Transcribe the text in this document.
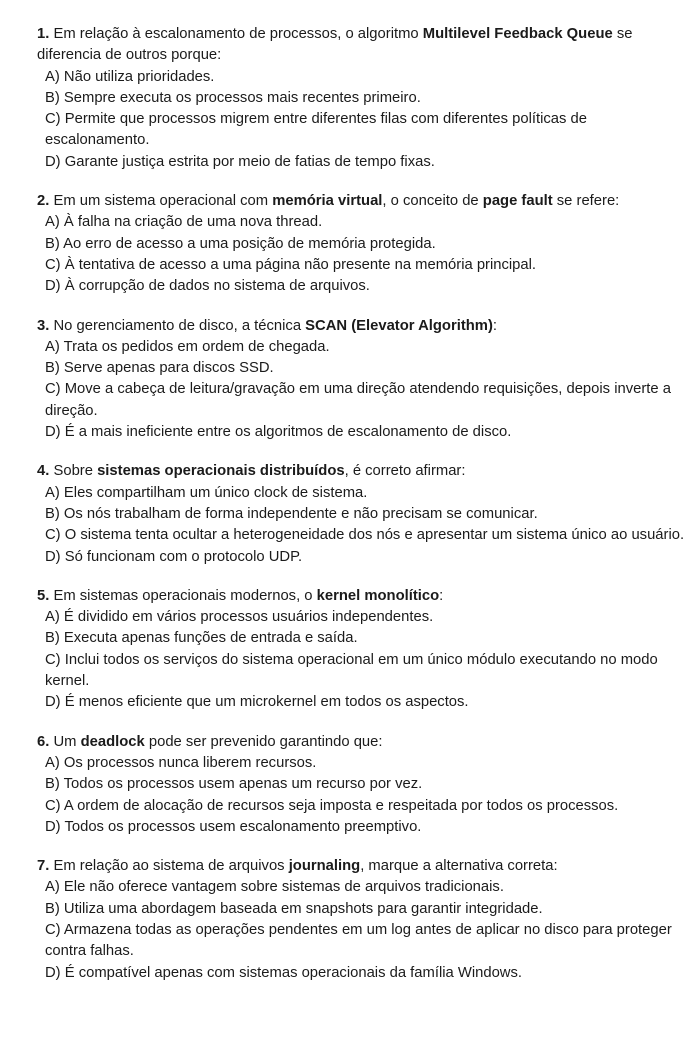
1. Em relação à escalonamento de processos, o algoritmo Multilevel Feedback Queue se diferencia de outros porque:

A) Não utiliza prioridades.

B) Sempre executa os processos mais recentes primeiro.

C) Permite que processos migrem entre diferentes filas com diferentes políticas de escalonamento.

D) Garante justiça estrita por meio de fatias de tempo fixas.

2. Em um sistema operacional com memória virtual, o conceito de page fault se refere:

A) À falha na criação de uma nova thread.

B) Ao erro de acesso a uma posição de memória protegida.

C) À tentativa de acesso a uma página não presente na memória principal.

D) À corrupção de dados no sistema de arquivos.

3. No gerenciamento de disco, a técnica SCAN (Elevator Algorithm):

A) Trata os pedidos em ordem de chegada.

B) Serve apenas para discos SSD.

C) Move a cabeça de leitura/gravação em uma direção atendendo requisições, depois inverte a direção.

D) É a mais ineficiente entre os algoritmos de escalonamento de disco.

4. Sobre sistemas operacionais distribuídos, é correto afirmar:

A) Eles compartilham um único clock de sistema.

B) Os nós trabalham de forma independente e não precisam se comunicar.

C) O sistema tenta ocultar a heterogeneidade dos nós e apresentar um sistema único ao usuário.

D) Só funcionam com o protocolo UDP.

5. Em sistemas operacionais modernos, o kernel monolítico:

A) É dividido em vários processos usuários independentes.

B) Executa apenas funções de entrada e saída.

C) Inclui todos os serviços do sistema operacional em um único módulo executando no modo kernel.

D) É menos eficiente que um microkernel em todos os aspectos.

6. Um deadlock pode ser prevenido garantindo que:

A) Os processos nunca liberem recursos.

B) Todos os processos usem apenas um recurso por vez.

C) A ordem de alocação de recursos seja imposta e respeitada por todos os processos.

D) Todos os processos usem escalonamento preemptivo.

7. Em relação ao sistema de arquivos journaling, marque a alternativa correta:

A) Ele não oferece vantagem sobre sistemas de arquivos tradicionais.

B) Utiliza uma abordagem baseada em snapshots para garantir integridade.

C) Armazena todas as operações pendentes em um log antes de aplicar no disco para proteger contra falhas.

D) É compatível apenas com sistemas operacionais da família Windows.
